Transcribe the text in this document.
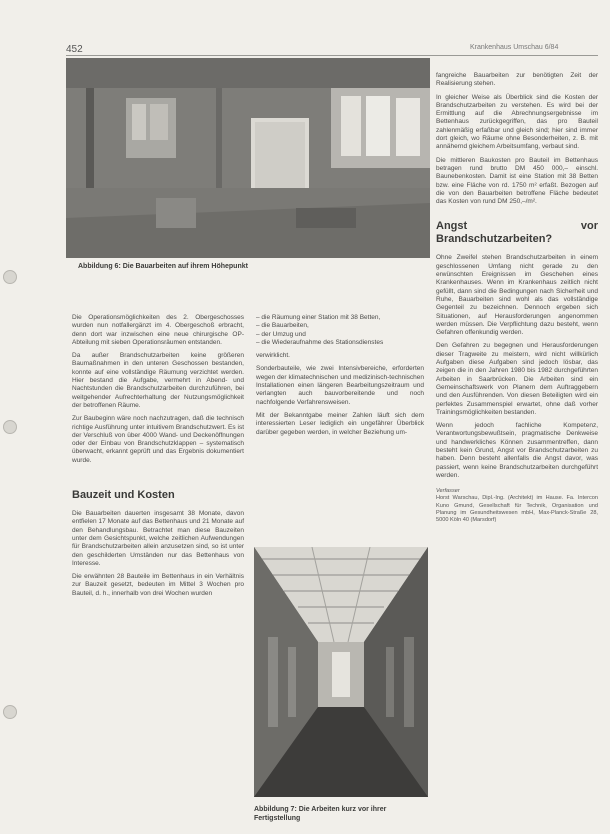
452	Krankenhaus Umschau 6/84
Abbildung 6: Die Bauarbeiten auf ihrem Höhepunkt

Die Operationsmöglichkeiten des 2. Obergeschosses wurden nun notfallergänzt im 4. Obergeschoß erbracht, denn dort war inzwischen eine neue chirurgische OP-Abteilung mit sieben Operationsräumen entstanden.

Da außer Brandschutzarbeiten keine größeren Baumaßnahmen in den unteren Geschossen bestanden, konnte auf eine vollständige Räumung verzichtet werden. Hier bestand die Aufgabe, vermehrt in Abend- und Nachtstunden die Brandschutzarbeiten durchzuführen, bei weitgehender Aufrechterhaltung der Nutzungsmöglichkeit der betroffenen Räume.

Zur Baubeginn wäre noch nachzutragen, daß die technisch richtige Ausführung unter intuitivem Brandschutzwert. Es ist der Verschluß von über 4000 Wand- und Deckenöffnungen oder der Einbau von Brandschutzklappen – systematisch überwacht, erkannt geprüft und das Ergebnis dokumentiert wurde.

Bauzeit und Kosten

Die Bauarbeiten dauerten insgesamt 38 Monate, davon entfielen 17 Monate auf das Bettenhaus und 21 Monate auf den Behandlungsbau. Betrachtet man diese Bauzeiten unter dem Gesichtspunkt, welche zeitlichen Aufwendungen für Brandschutzarbeiten allein anzusetzen sind, so ist unter den geschilderten Umständen nur das Bettenhaus von Interesse.

Die erwähnten 28 Bauteile im Bettenhaus in ein Verhältnis zur Bauzeit gesetzt, bedeuten im Mittel 3 Wochen pro Bauteil, d. h., innerhalb von drei Wochen wurden

– die Räumung einer Station mit 38 Betten,
– die Bauarbeiten,
– der Umzug und
– die Wiederaufnahme des Stationsdienstes

verwirklicht.

Sonderbauteile, wie zwei Intensivbereiche, erforderten wegen der klimatechnischen und medizinisch-technischen Installationen einen längeren Bearbeitungszeitraum und verlangten auch bauvorbereitende und noch nachfolgende Verfahrensweisen.

Mit der Bekanntgabe meiner Zahlen läuft sich dem interessierten Leser lediglich ein ungefährer Überblick darüber gegeben werden, in welcher Beziehung um-

Abbildung 7: Die Arbeiten kurz vor ihrer Fertigstellung

fangreiche Bauarbeiten zur benötigten Zeit der Realisierung stehen.

In gleicher Weise als Überblick sind die Kosten der Brandschutzarbeiten zu verstehen. Es wird bei der Ermittlung auf die Abrechnungsergebnisse im Bettenhaus zurückgegriffen, das pro Bauteil zahlenmäßig erfaßbar und gleich sind; hier sind immer dort gleich, wo Räume ohne Besonderheiten, z. B. mit annähernd gleichem Arbeitsumfang, verbaut sind.

Die mittleren Baukosten pro Bauteil im Bettenhaus betragen rund brutto DM 450 000,– einschl. Baunebenkosten. Damit ist eine Station mit 38 Betten bzw. eine Fläche von rd. 1750 m² erfaßt. Bezogen auf die von den Bauarbeiten betroffene Fläche bedeutet das Kosten von rund DM 250,–/m².

Angst vor Brandschutzarbeiten?

Ohne Zweifel stehen Brandschutzarbeiten in einem geschlossenen Umfang nicht gerade zu den erwünschten Ereignissen im Geschehen eines Krankenhauses. Wenn im Krankenhaus zeitlich nicht gefüllt, dann sind die Bedingungen nach Sicherheit und Ruhe, Bauarbeiten sind wohl als das vollständige Gegenteil zu bezeichnen. Dennoch ergeben sich Situationen, auf Herausforderungen angenommen werden müssen. Die Verpflichtung dazu besteht, wenn Gefahren offenkundig werden.

Den Gefahren zu begegnen und Herausforderungen dieser Tragweite zu meistern, wird nicht willkürlich Aufgaben diese Aufgaben sind jedoch lösbar, das zeigen die in den Jahren 1980 bis 1982 durchgeführten Arbeiten in Saarbrücken. Die Arbeiten sind ein Gemeinschaftswerk von Planern dem Auftraggebern und den Ausführenden. Von diesen Beteiligten wird ein perfektes Zusammenspiel erwartet, ohne daß vorher Trainingsmöglichkeiten bestanden.

Wenn jedoch fachliche Kompetenz, Verantwortungsbewußtsein, pragmatische Denkweise und handwerkliches Können zusammentreffen, dann besteht kein Grund, Angst vor Brandschutzarbeiten zu haben. Denn besteht allenfalls die Angst davor, was passiert, wenn keine Brandschutzarbeiten durchgeführt werden.

Verfasser
Horst Warschau, Dipl.-Ing. (Architekt) im Hause. Fa. Intercon Kuno Gmund, Gesellschaft für Technik, Organisation und Planung im Gesundheitswesen mbH, Max-Planck-Straße 28, 5000 Köln 40 (Marsdorf)
